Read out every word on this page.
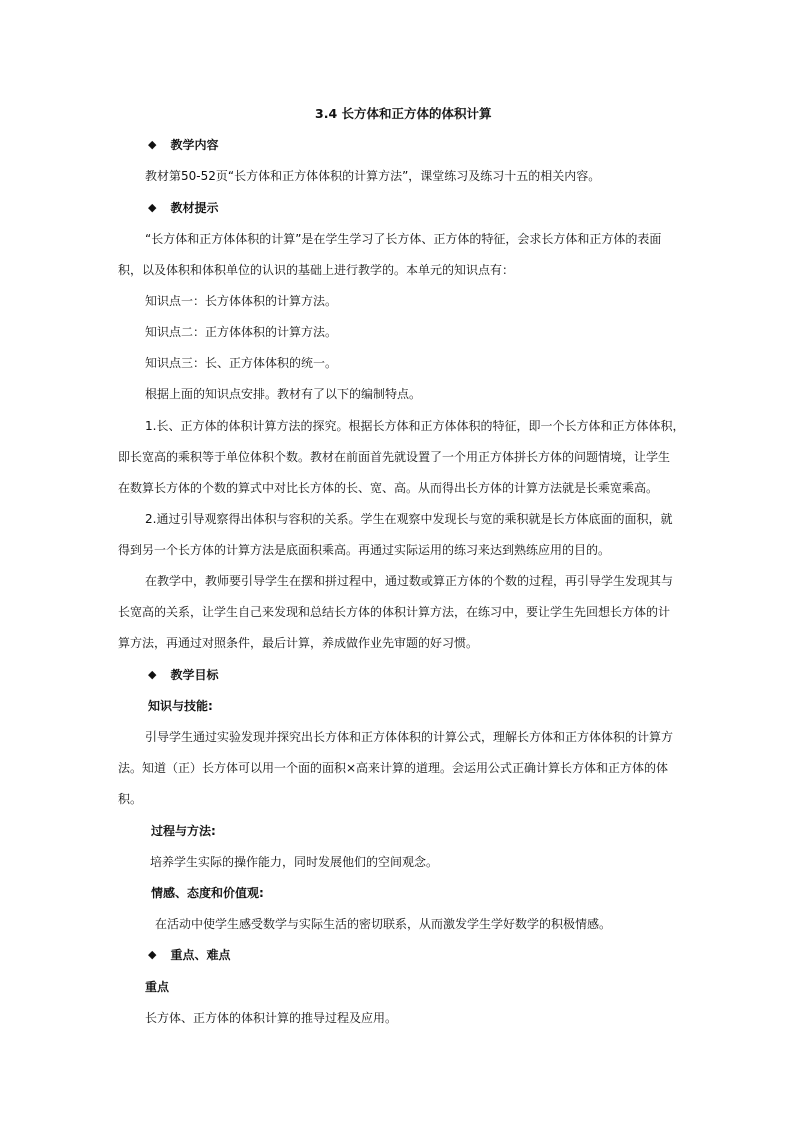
3.4 长方体和正方体的体积计算
◆ 教学内容
教材第50-52页“长方体和正方体体积的计算方法”，课堂练习及练习十五的相关内容。
◆ 教材提示
“长方体和正方体体积的计算”是在学生学习了长方体、正方体的特征，会求长方体和正方体的表面
积，以及体积和体积单位的认识的基础上进行教学的。本单元的知识点有：
知识点一：长方体体积的计算方法。
知识点二：正方体体积的计算方法。
知识点三：长、正方体体积的统一。
根据上面的知识点安排。教材有了以下的编制特点。
1.长、正方体的体积计算方法的探究。根据长方体和正方体体积的特征，即一个长方体和正方体体积，
即长宽高的乘积等于单位体积个数。教材在前面首先就设置了一个用正方体拼长方体的问题情境，让学生
在数算长方体的个数的算式中对比长方体的长、宽、高。从而得出长方体的计算方法就是长乘宽乘高。
2.通过引导观察得出体积与容积的关系。学生在观察中发现长与宽的乘积就是长方体底面的面积，就
得到另一个长方体的计算方法是底面积乘高。再通过实际运用的练习来达到熟练应用的目的。
在教学中，教师要引导学生在摆和拼过程中，通过数或算正方体的个数的过程，再引导学生发现其与
长宽高的关系，让学生自己来发现和总结长方体的体积计算方法，在练习中，要让学生先回想长方体的计
算方法，再通过对照条件，最后计算，养成做作业先审题的好习惯。
◆ 教学目标
知识与技能:
引导学生通过实验发现并探究出长方体和正方体体积的计算公式，理解长方体和正方体体积的计算方
法。知道（正）长方体可以用一个面的面积×高来计算的道理。会运用公式正确计算长方体和正方体的体
积。
过程与方法:
培养学生实际的操作能力，同时发展他们的空间观念。
情感、态度和价值观:
在活动中使学生感受数学与实际生活的密切联系，从而激发学生学好数学的积极情感。
◆ 重点、难点
重点
长方体、正方体的体积计算的推导过程及应用。
